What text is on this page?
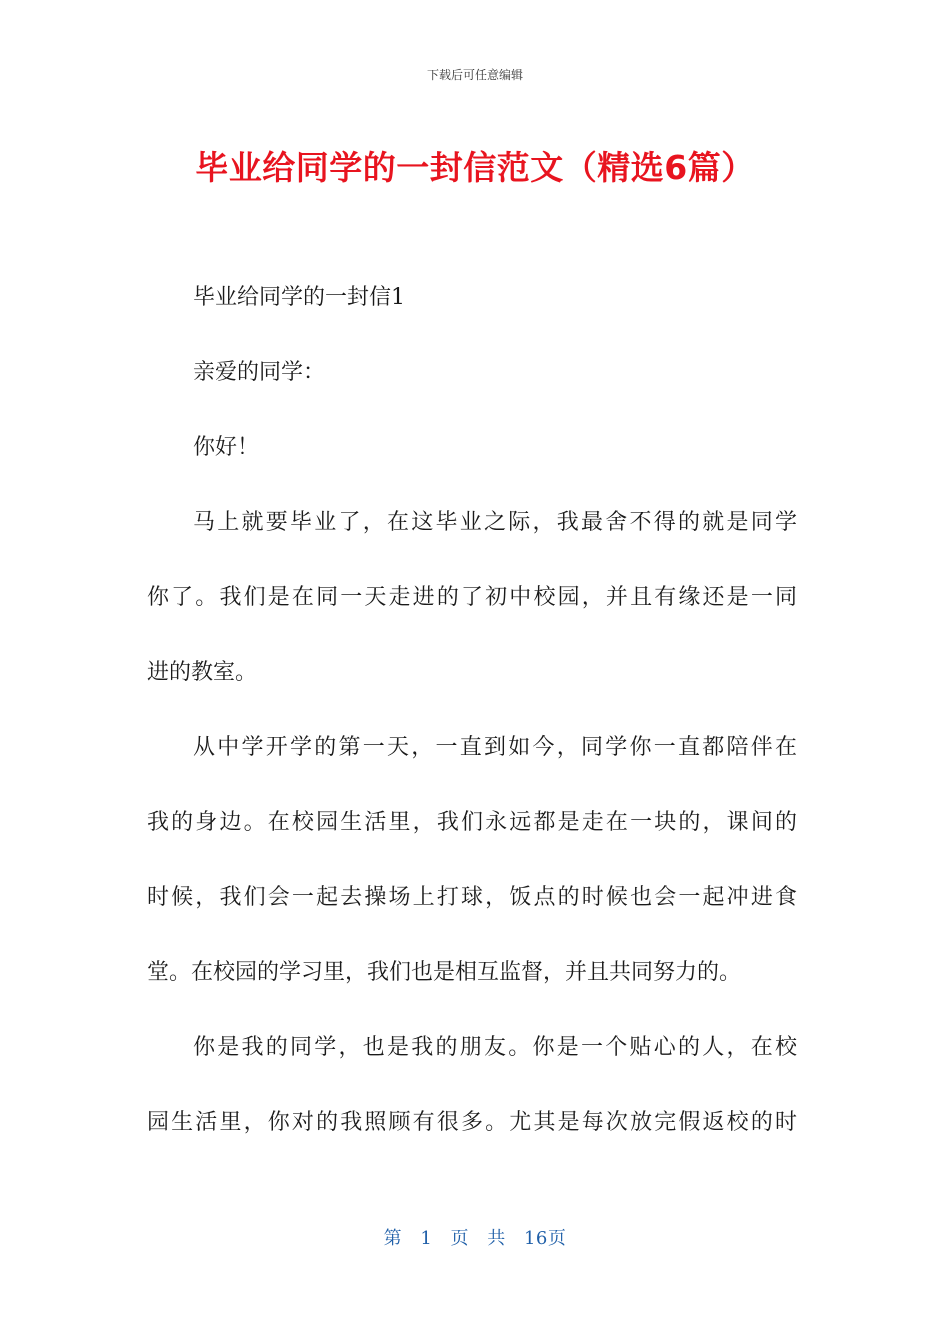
下载后可任意编辑
毕业给同学的一封信范文（精选6篇）
毕业给同学的一封信1
亲爱的同学：
你好！
马上就要毕业了，在这毕业之际，我最舍不得的就是同学
你了。我们是在同一天走进的了初中校园，并且有缘还是一同
进的教室。
从中学开学的第一天，一直到如今，同学你一直都陪伴在
我的身边。在校园生活里，我们永远都是走在一块的，课间的
时候，我们会一起去操场上打球，饭点的时候也会一起冲进食
堂。在校园的学习里，我们也是相互监督，并且共同努力的。
你是我的同学，也是我的朋友。你是一个贴心的人，在校
园生活里，你对的我照顾有很多。尤其是每次放完假返校的时
第 1 页 共 16页
